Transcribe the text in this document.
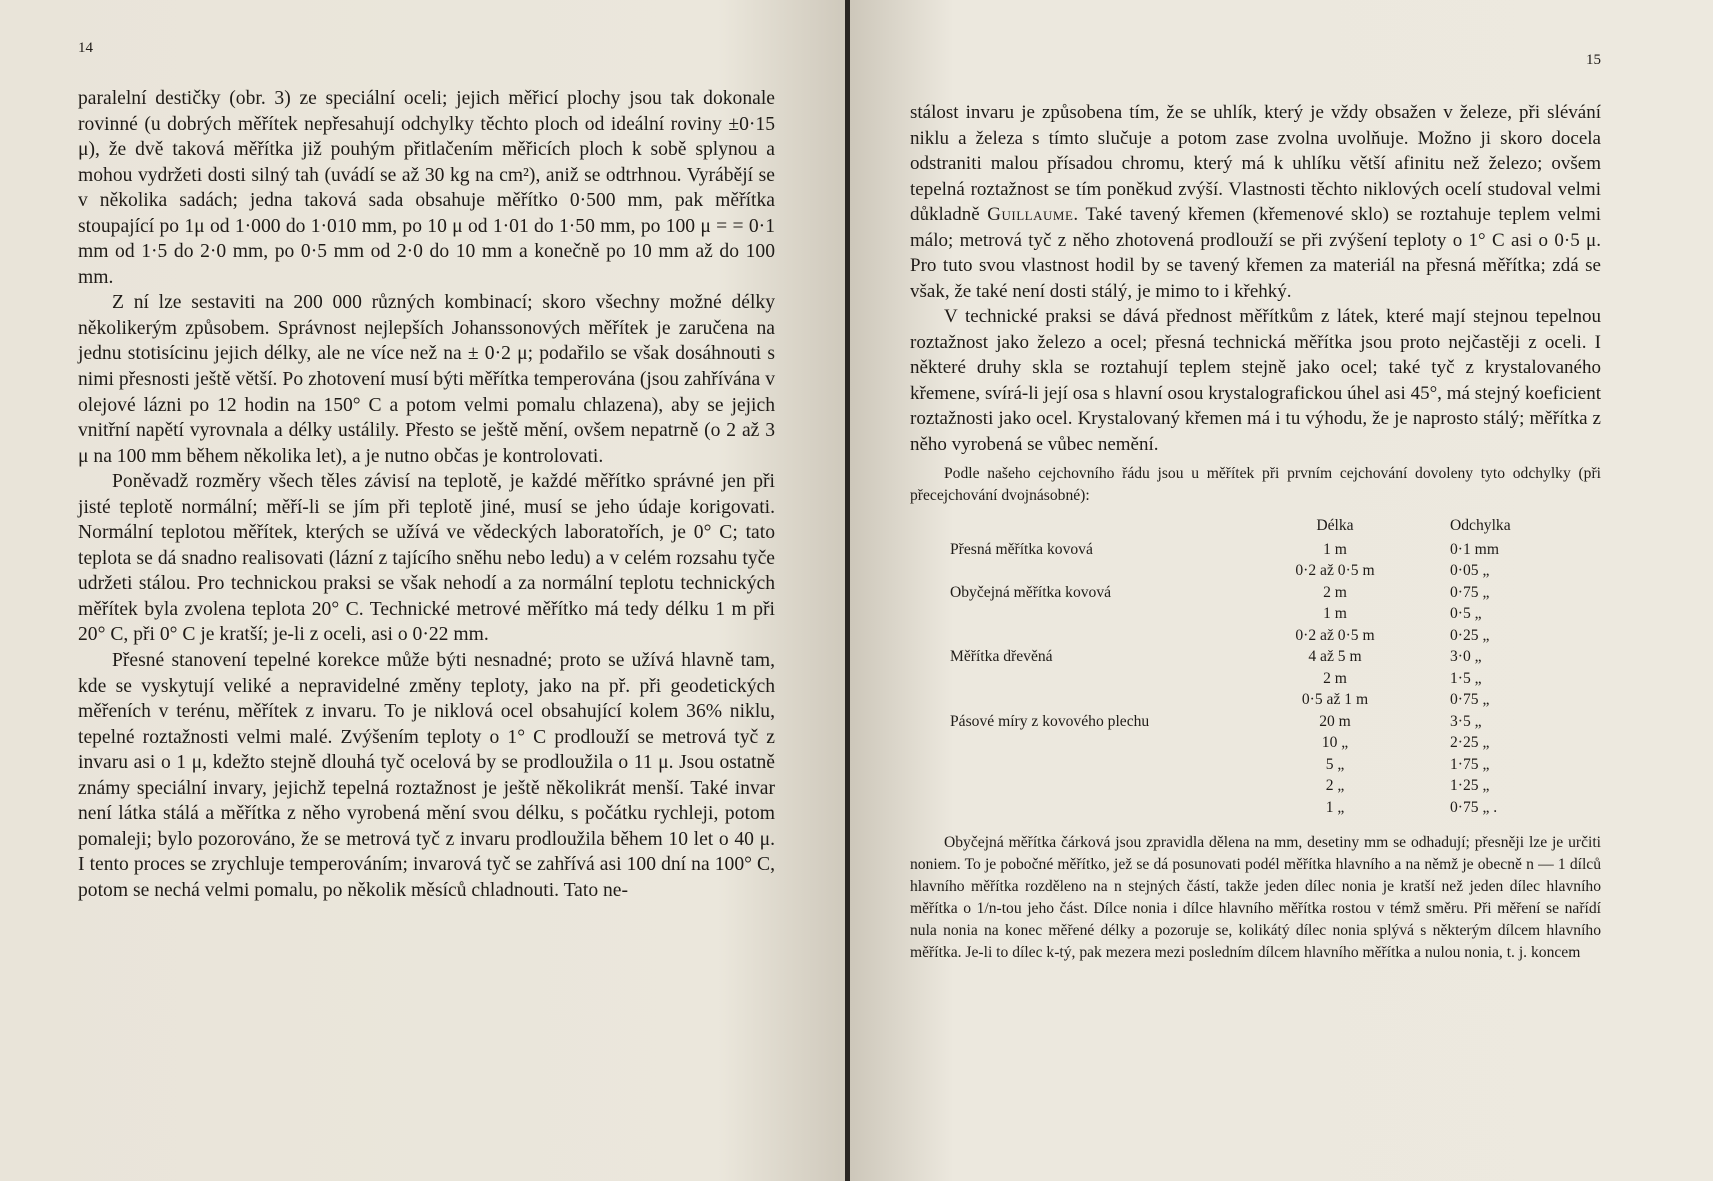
14

paralelní destičky (obr. 3) ze speciální oceli; jejich měřicí plochy jsou tak dokonale rovinné (u dobrých měřítek nepřesahují odchylky těchto ploch od ideální roviny ±0·15 μ), že dvě taková měřítka již pouhým přitlačením měřicích ploch k sobě splynou a mohou vydržeti dosti silný tah (uvádí se až 30 kg na cm²), aniž se odtrhnou. Vyrábějí se v několika sadách; jedna taková sada obsahuje měřítko 0·500 mm, pak měřítka stoupající po 1μ od 1·000 do 1·010 mm, po 10 μ od 1·01 do 1·50 mm, po 100 μ = = 0·1 mm od 1·5 do 2·0 mm, po 0·5 mm od 2·0 do 10 mm a konečně po 10 mm až do 100 mm.

Z ní lze sestaviti na 200 000 různých kombinací; skoro všechny možné délky několikerým způsobem. Správnost nejlepších Johanssonových měřítek je zaručena na jednu stotisícinu jejich délky, ale ne více než na ± 0·2 μ; podařilo se však dosáhnouti s nimi přesnosti ještě větší. Po zhotovení musí býti měřítka temperována (jsou zahřívána v olejové lázni po 12 hodin na 150° C a potom velmi pomalu chlazena), aby se jejich vnitřní napětí vyrovnala a délky ustálily. Přesto se ještě mění, ovšem nepatrně (o 2 až 3 μ na 100 mm během několika let), a je nutno občas je kontrolovati.

Poněvadž rozměry všech těles závisí na teplotě, je každé měřítko správné jen při jisté teplotě normální; měří-li se jím při teplotě jiné, musí se jeho údaje korigovati. Normální teplotou měřítek, kterých se užívá ve vědeckých laboratořích, je 0° C; tato teplota se dá snadno realisovati (lázní z tajícího sněhu nebo ledu) a v celém rozsahu tyče udržeti stálou. Pro technickou praksi se však nehodí a za normální teplotu technických měřítek byla zvolena teplota 20° C. Technické metrové měřítko má tedy délku 1 m při 20° C, při 0° C je kratší; je-li z oceli, asi o 0·22 mm.

Přesné stanovení tepelné korekce může býti nesnadné; proto se užívá hlavně tam, kde se vyskytují veliké a nepravidelné změny teploty, jako na př. při geodetických měřeních v terénu, měřítek z invaru. To je niklová ocel obsahující kolem 36% niklu, tepelné roztažnosti velmi malé. Zvýšením teploty o 1° C prodlouží se metrová tyč z invaru asi o 1 μ, kdežto stejně dlouhá tyč ocelová by se prodloužila o 11 μ. Jsou ostatně známy speciální invary, jejichž tepelná roztažnost je ještě několikrát menší. Také invar není látka stálá a měřítka z něho vyrobená mění svou délku, s počátku rychleji, potom pomaleji; bylo pozorováno, že se metrová tyč z invaru prodloužila během 10 let o 40 μ. I tento proces se zrychluje temperováním; invarová tyč se zahřívá asi 100 dní na 100° C, potom se nechá velmi pomalu, po několik měsíců chladnouti. Tato ne-

15

stálost invaru je způsobena tím, že se uhlík, který je vždy obsažen v železe, při slévání niklu a železa s tímto slučuje a potom zase zvolna uvolňuje. Možno ji skoro docela odstraniti malou přísadou chromu, který má k uhlíku větší afinitu než železo; ovšem tepelná roztažnost se tím poněkud zvýší. Vlastnosti těchto niklových ocelí studoval velmi důkladně Guillaume. Také tavený křemen (křemenové sklo) se roztahuje teplem velmi málo; metrová tyč z něho zhotovená prodlouží se při zvýšení teploty o 1° C asi o 0·5 μ. Pro tuto svou vlastnost hodil by se tavený křemen za materiál na přesná měřítka; zdá se však, že také není dosti stálý, je mimo to i křehký.

V technické praksi se dává přednost měřítkům z látek, které mají stejnou tepelnou roztažnost jako železo a ocel; přesná technická měřítka jsou proto nejčastěji z oceli. I některé druhy skla se roztahují teplem stejně jako ocel; také tyč z krystalovaného křemene, svírá-li její osa s hlavní osou krystalografickou úhel asi 45°, má stejný koeficient roztažnosti jako ocel. Krystalovaný křemen má i tu výhodu, že je naprosto stálý; měřítka z něho vyrobená se vůbec nemění.

Podle našeho cejchovního řádu jsou u měřítek při prvním cejchování dovoleny tyto odchylky (při přecejchování dvojnásobné):

	Délka	Odchylka
Přesná měřítka kovová	1 m	0·1 mm
	0·2 až 0·5 m	0·05 „
Obyčejná měřítka kovová	2 m	0·75 „
	1 m	0·5 „
	0·2 až 0·5 m	0·25 „
Měřítka dřevěná	4 až 5 m	3·0 „
	2 m	1·5 „
	0·5 až 1 m	0·75 „
Pásové míry z kovového plechu	20 m	3·5 „
	10 „	2·25 „
	5 „	1·75 „
	2 „	1·25 „
	1 „	0·75 „ .

Obyčejná měřítka čárková jsou zpravidla dělena na mm, desetiny mm se odhadují; přesněji lze je určiti noniem. To je pobočné měřítko, jež se dá posunovati podél měřítka hlavního a na němž je obecně n — 1 dílců hlavního měřítka rozděleno na n stejných částí, takže jeden dílec nonia je kratší než jeden dílec hlavního měřítka o 1/n-tou jeho část. Dílce nonia i dílce hlavního měřítka rostou v témž směru. Při měření se nařídí nula nonia na konec měřené délky a pozoruje se, kolikátý dílec nonia splývá s některým dílcem hlavního měřítka. Je-li to dílec k-tý, pak mezera mezi posledním dílcem hlavního měřítka a nulou nonia, t. j. koncem
